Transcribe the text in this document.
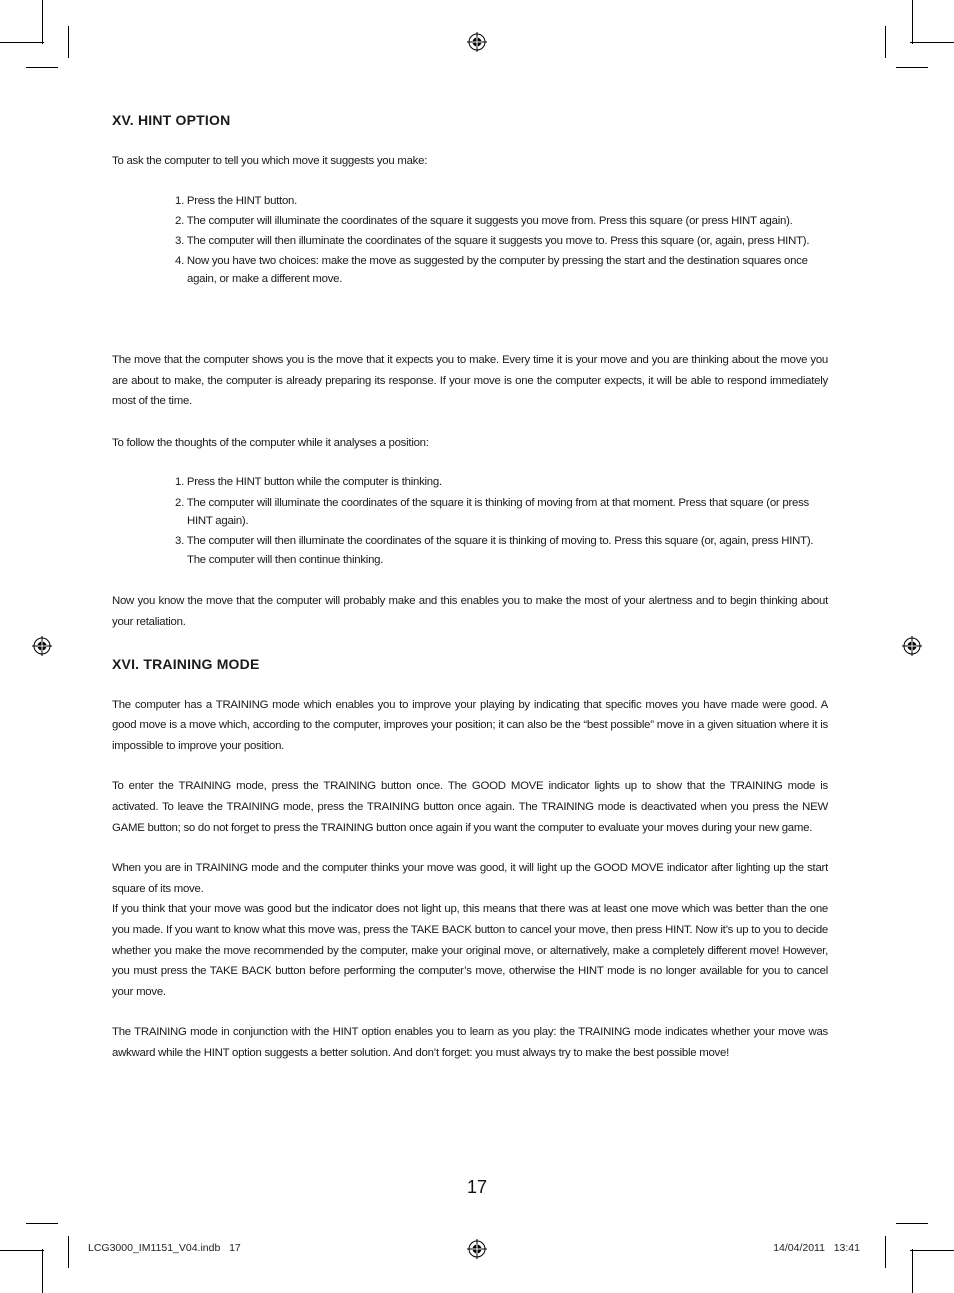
XV. HINT OPTION

To ask the computer to tell you which move it suggests you make:

1. Press the HINT button.
2. The computer will illuminate the coordinates of the square it suggests you move from. Press this square (or press HINT again).
3. The computer will then illuminate the coordinates of the square it suggests you move to. Press this square (or, again, press HINT).
4. Now you have two choices: make the move as suggested by the computer by pressing the start and the destination squares once again, or make a different move.

The move that the computer shows you is the move that it expects you to make. Every time it is your move and you are thinking about the move you are about to make, the computer is already preparing its response. If your move is one the computer expects, it will be able to respond immediately most of the time.

To follow the thoughts of the computer while it analyses a position:

1. Press the HINT button while the computer is thinking.
2. The computer will illuminate the coordinates of the square it is thinking of moving from at that moment. Press that square (or press HINT again).
3. The computer will then illuminate the coordinates of the square it is thinking of moving to. Press this square (or, again, press HINT). The computer will then continue thinking.

Now you know the move that the computer will probably make and this enables you to make the most of your alertness and to begin thinking about your retaliation.

XVI. TRAINING MODE

The computer has a TRAINING mode which enables you to improve your playing by indicating that specific moves you have made were good. A good move is a move which, according to the computer, improves your position; it can also be the “best possible” move in a given situation where it is impossible to improve your position.

To enter the TRAINING mode, press the TRAINING button once. The GOOD MOVE indicator lights up to show that the TRAINING mode is activated. To leave the TRAINING mode, press the TRAINING button once again. The TRAINING mode is deactivated when you press the NEW GAME button; so do not forget to press the TRAINING button once again if you want the computer to evaluate your moves during your new game.

When you are in TRAINING mode and the computer thinks your move was good, it will light up the GOOD MOVE indicator after lighting up the start square of its move.

If you think that your move was good but the indicator does not light up, this means that there was at least one move which was better than the one you made. If you want to know what this move was, press the TAKE BACK button to cancel your move, then press HINT. Now it’s up to you to decide whether you make the move recommended by the computer, make your original move, or alternatively, make a completely different move! However, you must press the TAKE BACK button before performing the computer’s move, otherwise the HINT mode is no longer available for you to cancel your move.

The TRAINING mode in conjunction with the HINT option enables you to learn as you play: the TRAINING mode indicates whether your move was awkward while the HINT option suggests a better solution. And don’t forget: you must always try to make the best possible move!

17
LCG3000_IM1151_V04.indb   17	14/04/2011   13:41
